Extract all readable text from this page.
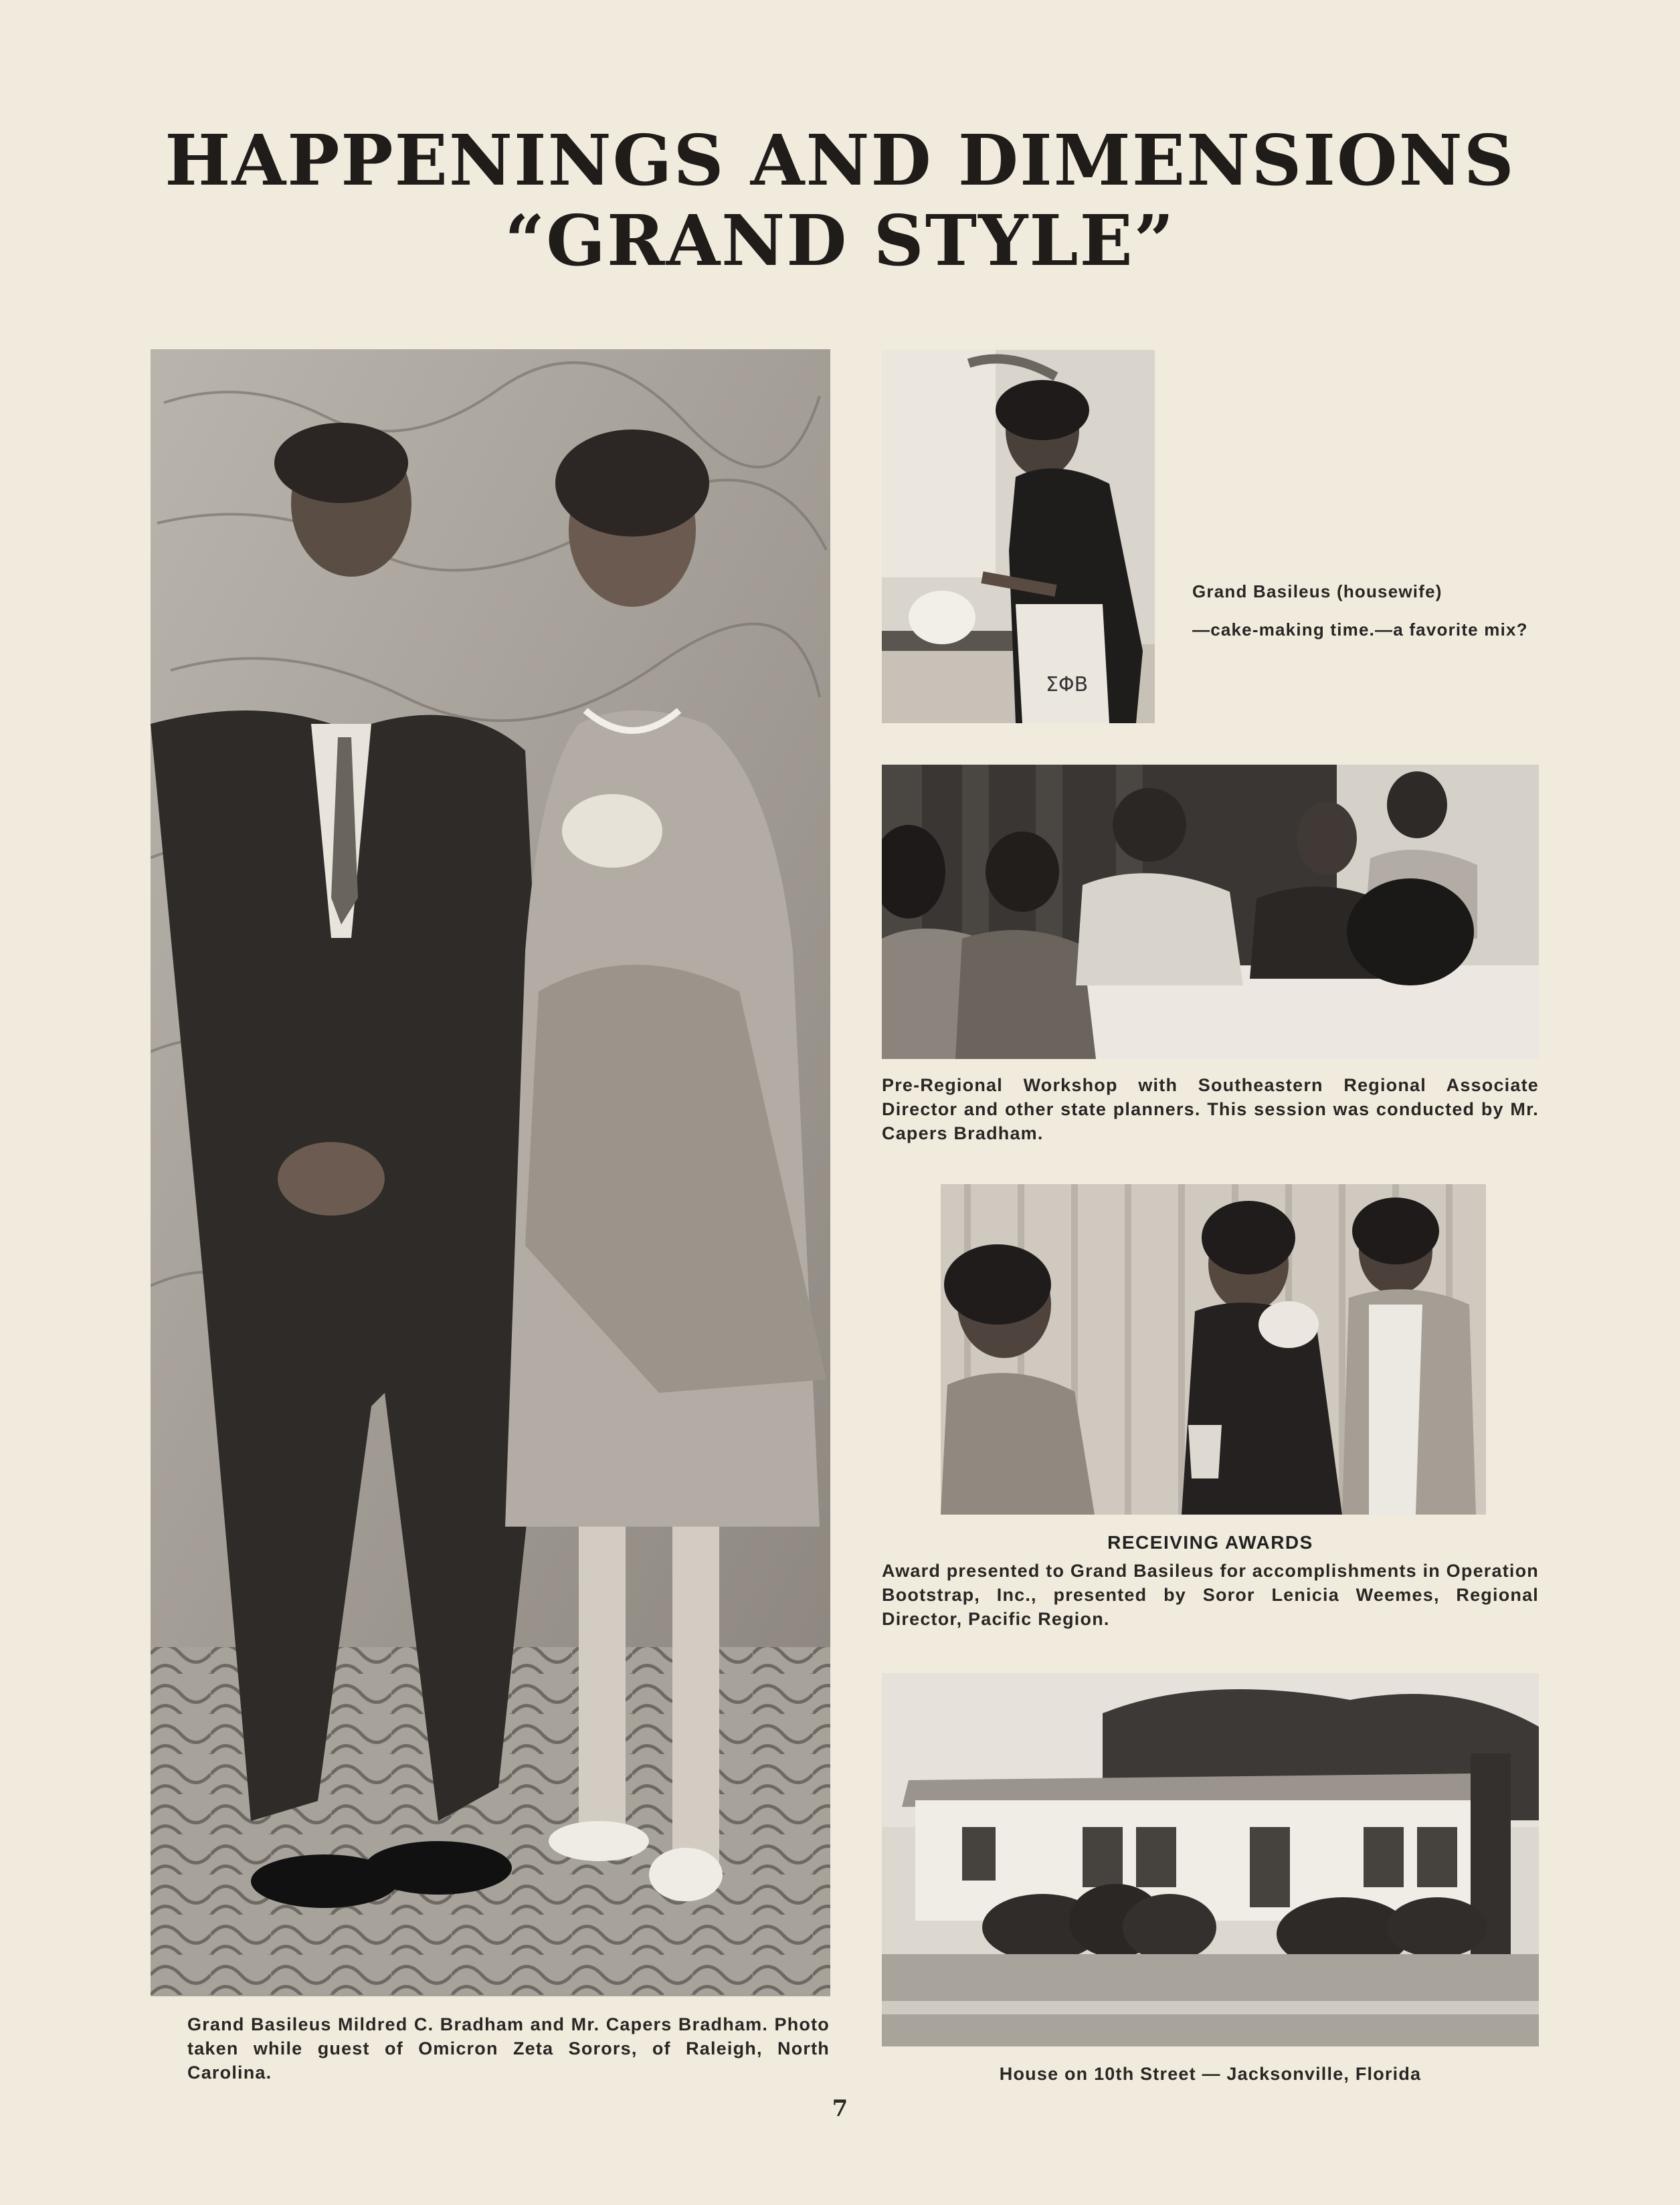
HAPPENINGS AND DIMENSIONS
“GRAND STYLE”
Grand Basileus Mildred C. Bradham and Mr. Capers Bradham. Photo taken while guest of Omicron Zeta Sorors, of Raleigh, North Carolina.
ΣΦΒ

Grand Basileus (housewife)

—cake-making time.—a favorite mix?

Pre-Regional Workshop with Southeastern Regional Associate Director and other state planners. This session was conducted by Mr. Capers Bradham.
RECEIVING AWARDS
Award presented to Grand Basileus for accomplishments in Operation Bootstrap, Inc., presented by Soror Lenicia Weemes, Regional Director, Pacific Region.
House on 10th Street — Jacksonville, Florida
7
